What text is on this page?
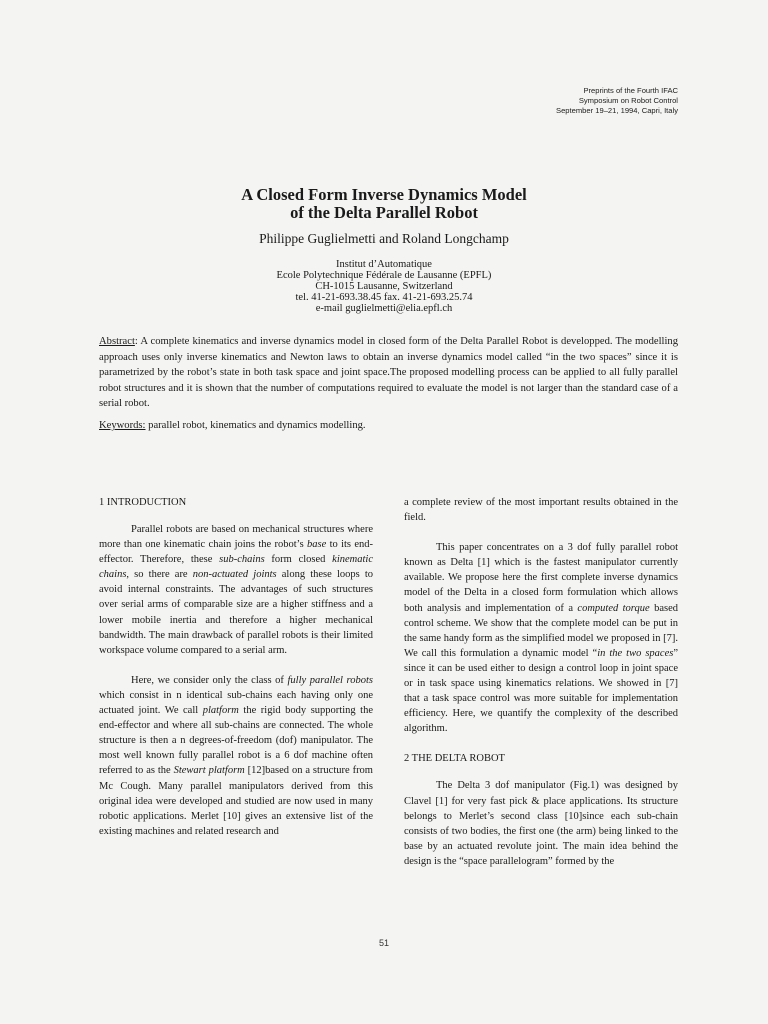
Preprints of the Fourth IFAC
Symposium on Robot Control
September 19–21, 1994, Capri, Italy
A Closed Form Inverse Dynamics Model
of the Delta Parallel Robot
Philippe Guglielmetti and Roland Longchamp
Institut d’Automatique
Ecole Polytechnique Fédérale de Lausanne (EPFL)
CH-1015 Lausanne, Switzerland
tel. 41-21-693.38.45 fax. 41-21-693.25.74
e-mail guglielmetti@elia.epfl.ch
Abstract: A complete kinematics and inverse dynamics model in closed form of the Delta Parallel Robot is developped. The modelling approach uses only inverse kinematics and Newton laws to obtain an inverse dynamics model called “in the two spaces” since it is parametrized by the robot’s state in both task space and joint space.The proposed modelling process can be applied to all fully parallel robot structures and it is shown that the number of computations required to evaluate the model is not larger than the standard case of a serial robot.
Keywords: parallel robot, kinematics and dynamics modelling.

1 INTRODUCTION

Parallel robots are based on mechanical structures where more than one kinematic chain joins the robot’s base to its end-effector. Therefore, these sub-chains form closed kinematic chains, so there are non-actuated joints along these loops to avoid internal constraints. The advantages of such structures over serial arms of comparable size are a higher stiffness and a lower mobile inertia and therefore a higher mechanical bandwidth. The main drawback of parallel robots is their limited workspace volume compared to a serial arm.

Here, we consider only the class of fully parallel robots which consist in n identical sub-chains each having only one actuated joint. We call platform the rigid body supporting the end-effector and where all sub-chains are connected. The whole structure is then a n degrees-of-freedom (dof) manipulator. The most well known fully parallel robot is a 6 dof machine often referred to as the Stewart platform [12]based on a structure from Mc Cough. Many parallel manipulators derived from this original idea were developed and studied are now used in many robotic applications. Merlet [10] gives an extensive list of the existing machines and related research and

a complete review of the most important results obtained in the field.

This paper concentrates on a 3 dof fully parallel robot known as Delta [1] which is the fastest manipulator currently available. We propose here the first complete inverse dynamics model of the Delta in a closed form formulation which allows both analysis and implementation of a computed torque based control scheme. We show that the complete model can be put in the same handy form as the simplified model we proposed in [7]. We call this formulation a dynamic model “in the two spaces” since it can be used either to design a control loop in joint space or in task space using kinematics relations. We showed in [7] that a task space control was more suitable for implementation efficiency. Here, we quantify the complexity of the described algorithm.

2 THE DELTA ROBOT

The Delta 3 dof manipulator (Fig.1) was designed by Clavel [1] for very fast pick & place applications. Its structure belongs to Merlet’s second class [10]since each sub-chain consists of two bodies, the first one (the arm) being linked to the base by an actuated revolute joint. The main idea behind the design is the “space parallelogram” formed by the

51
